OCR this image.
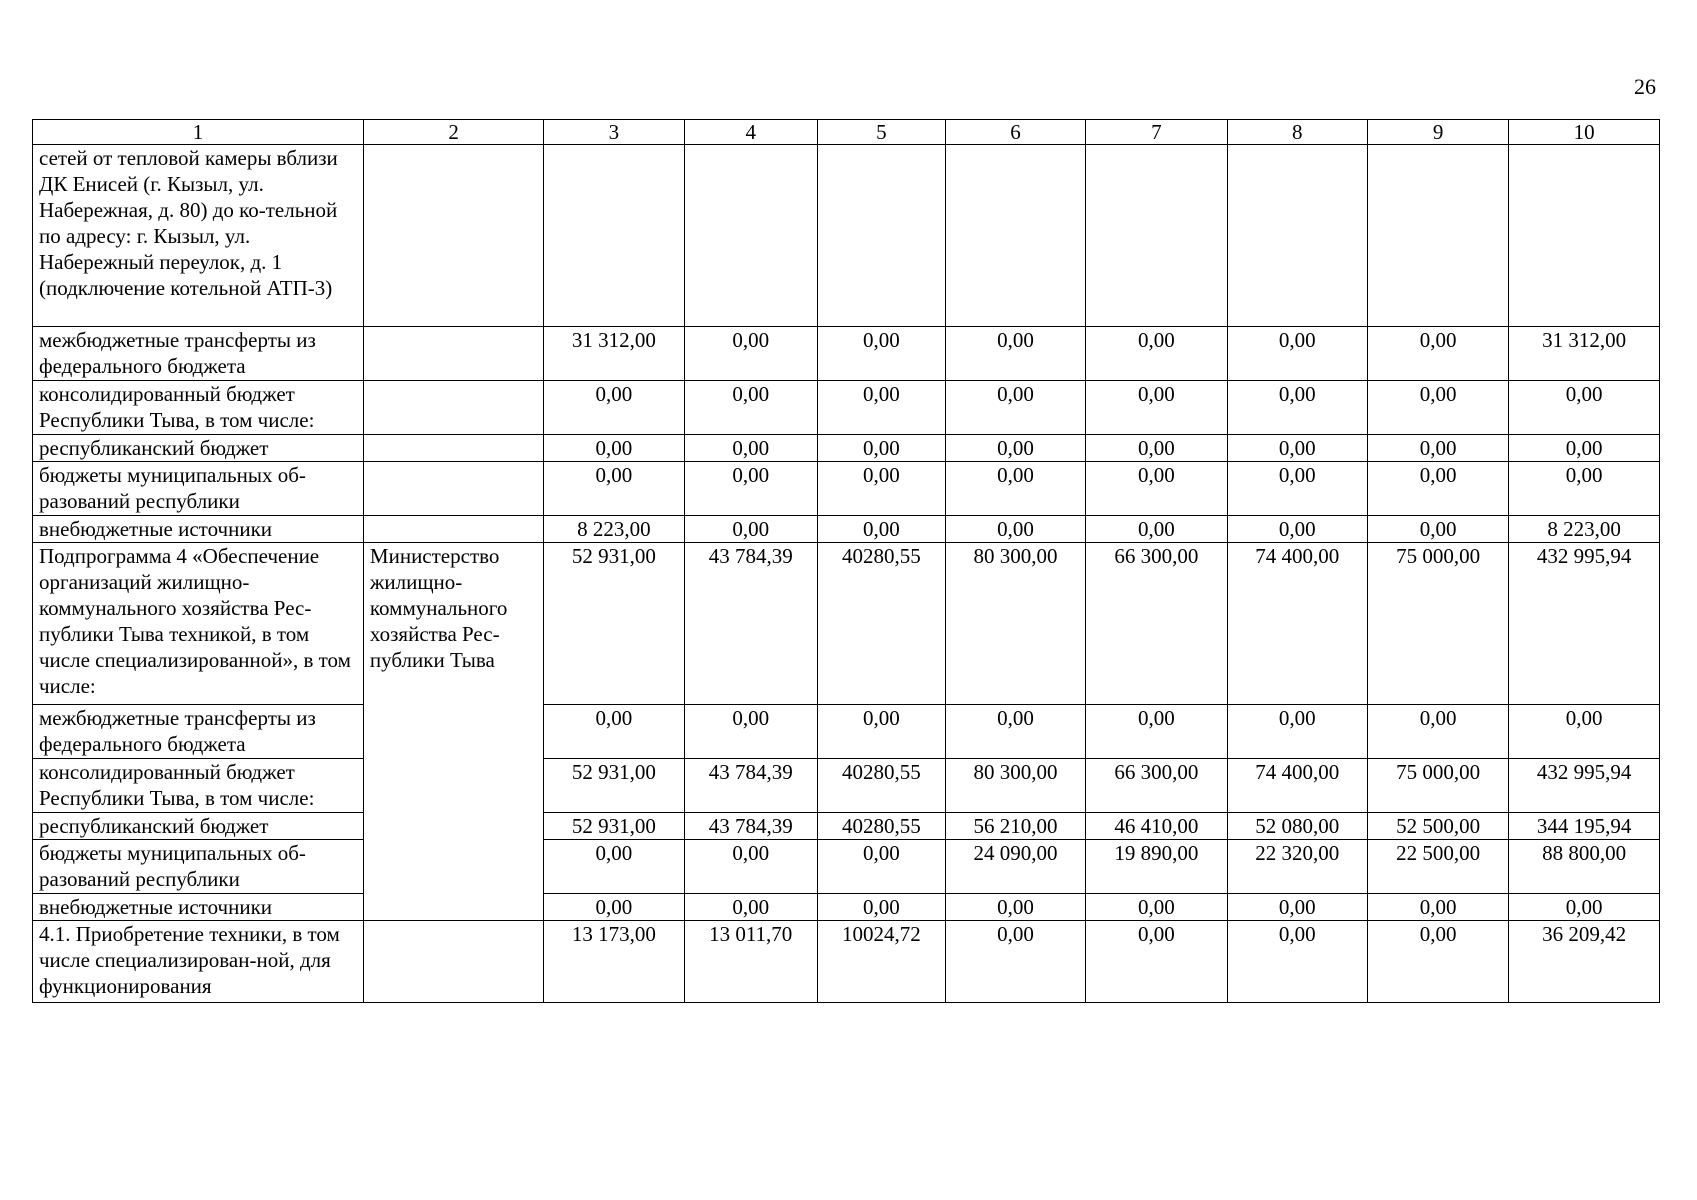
26
1	2	3	4	5	6	7	8	9	10
сетей от тепловой камеры вблизи ДК Енисей (г. Кызыл, ул. Набережная, д. 80) до ко-тельной по адресу: г. Кызыл, ул. Набережный переулок, д. 1 (подключение котельной АТП-3)									
межбюджетные трансферты из федерального бюджета		31 312,00	0,00	0,00	0,00	0,00	0,00	0,00	31 312,00
консолидированный бюджет Республики Тыва, в том числе:		0,00	0,00	0,00	0,00	0,00	0,00	0,00	0,00
республиканский бюджет		0,00	0,00	0,00	0,00	0,00	0,00	0,00	0,00
бюджеты муниципальных об-разований республики		0,00	0,00	0,00	0,00	0,00	0,00	0,00	0,00
внебюджетные источники		8 223,00	0,00	0,00	0,00	0,00	0,00	0,00	8 223,00
Подпрограмма 4 «Обеспечение организаций жилищно-коммунального хозяйства Рес-публики Тыва техникой, в том числе специализированной», в том числе:	Министерство жилищно-коммунального хозяйства Рес-публики Тыва	52 931,00	43 784,39	40280,55	80 300,00	66 300,00	74 400,00	75 000,00	432 995,94
межбюджетные трансферты из федерального бюджета		0,00	0,00	0,00	0,00	0,00	0,00	0,00	0,00
консолидированный бюджет Республики Тыва, в том числе:		52 931,00	43 784,39	40280,55	80 300,00	66 300,00	74 400,00	75 000,00	432 995,94
республиканский бюджет		52 931,00	43 784,39	40280,55	56 210,00	46 410,00	52 080,00	52 500,00	344 195,94
бюджеты муниципальных об-разований республики		0,00	0,00	0,00	24 090,00	19 890,00	22 320,00	22 500,00	88 800,00
внебюджетные источники		0,00	0,00	0,00	0,00	0,00	0,00	0,00	0,00
4.1. Приобретение техники, в том числе специализирован-ной, для функционирования		13 173,00	13 011,70	10024,72	0,00	0,00	0,00	0,00	36 209,42
